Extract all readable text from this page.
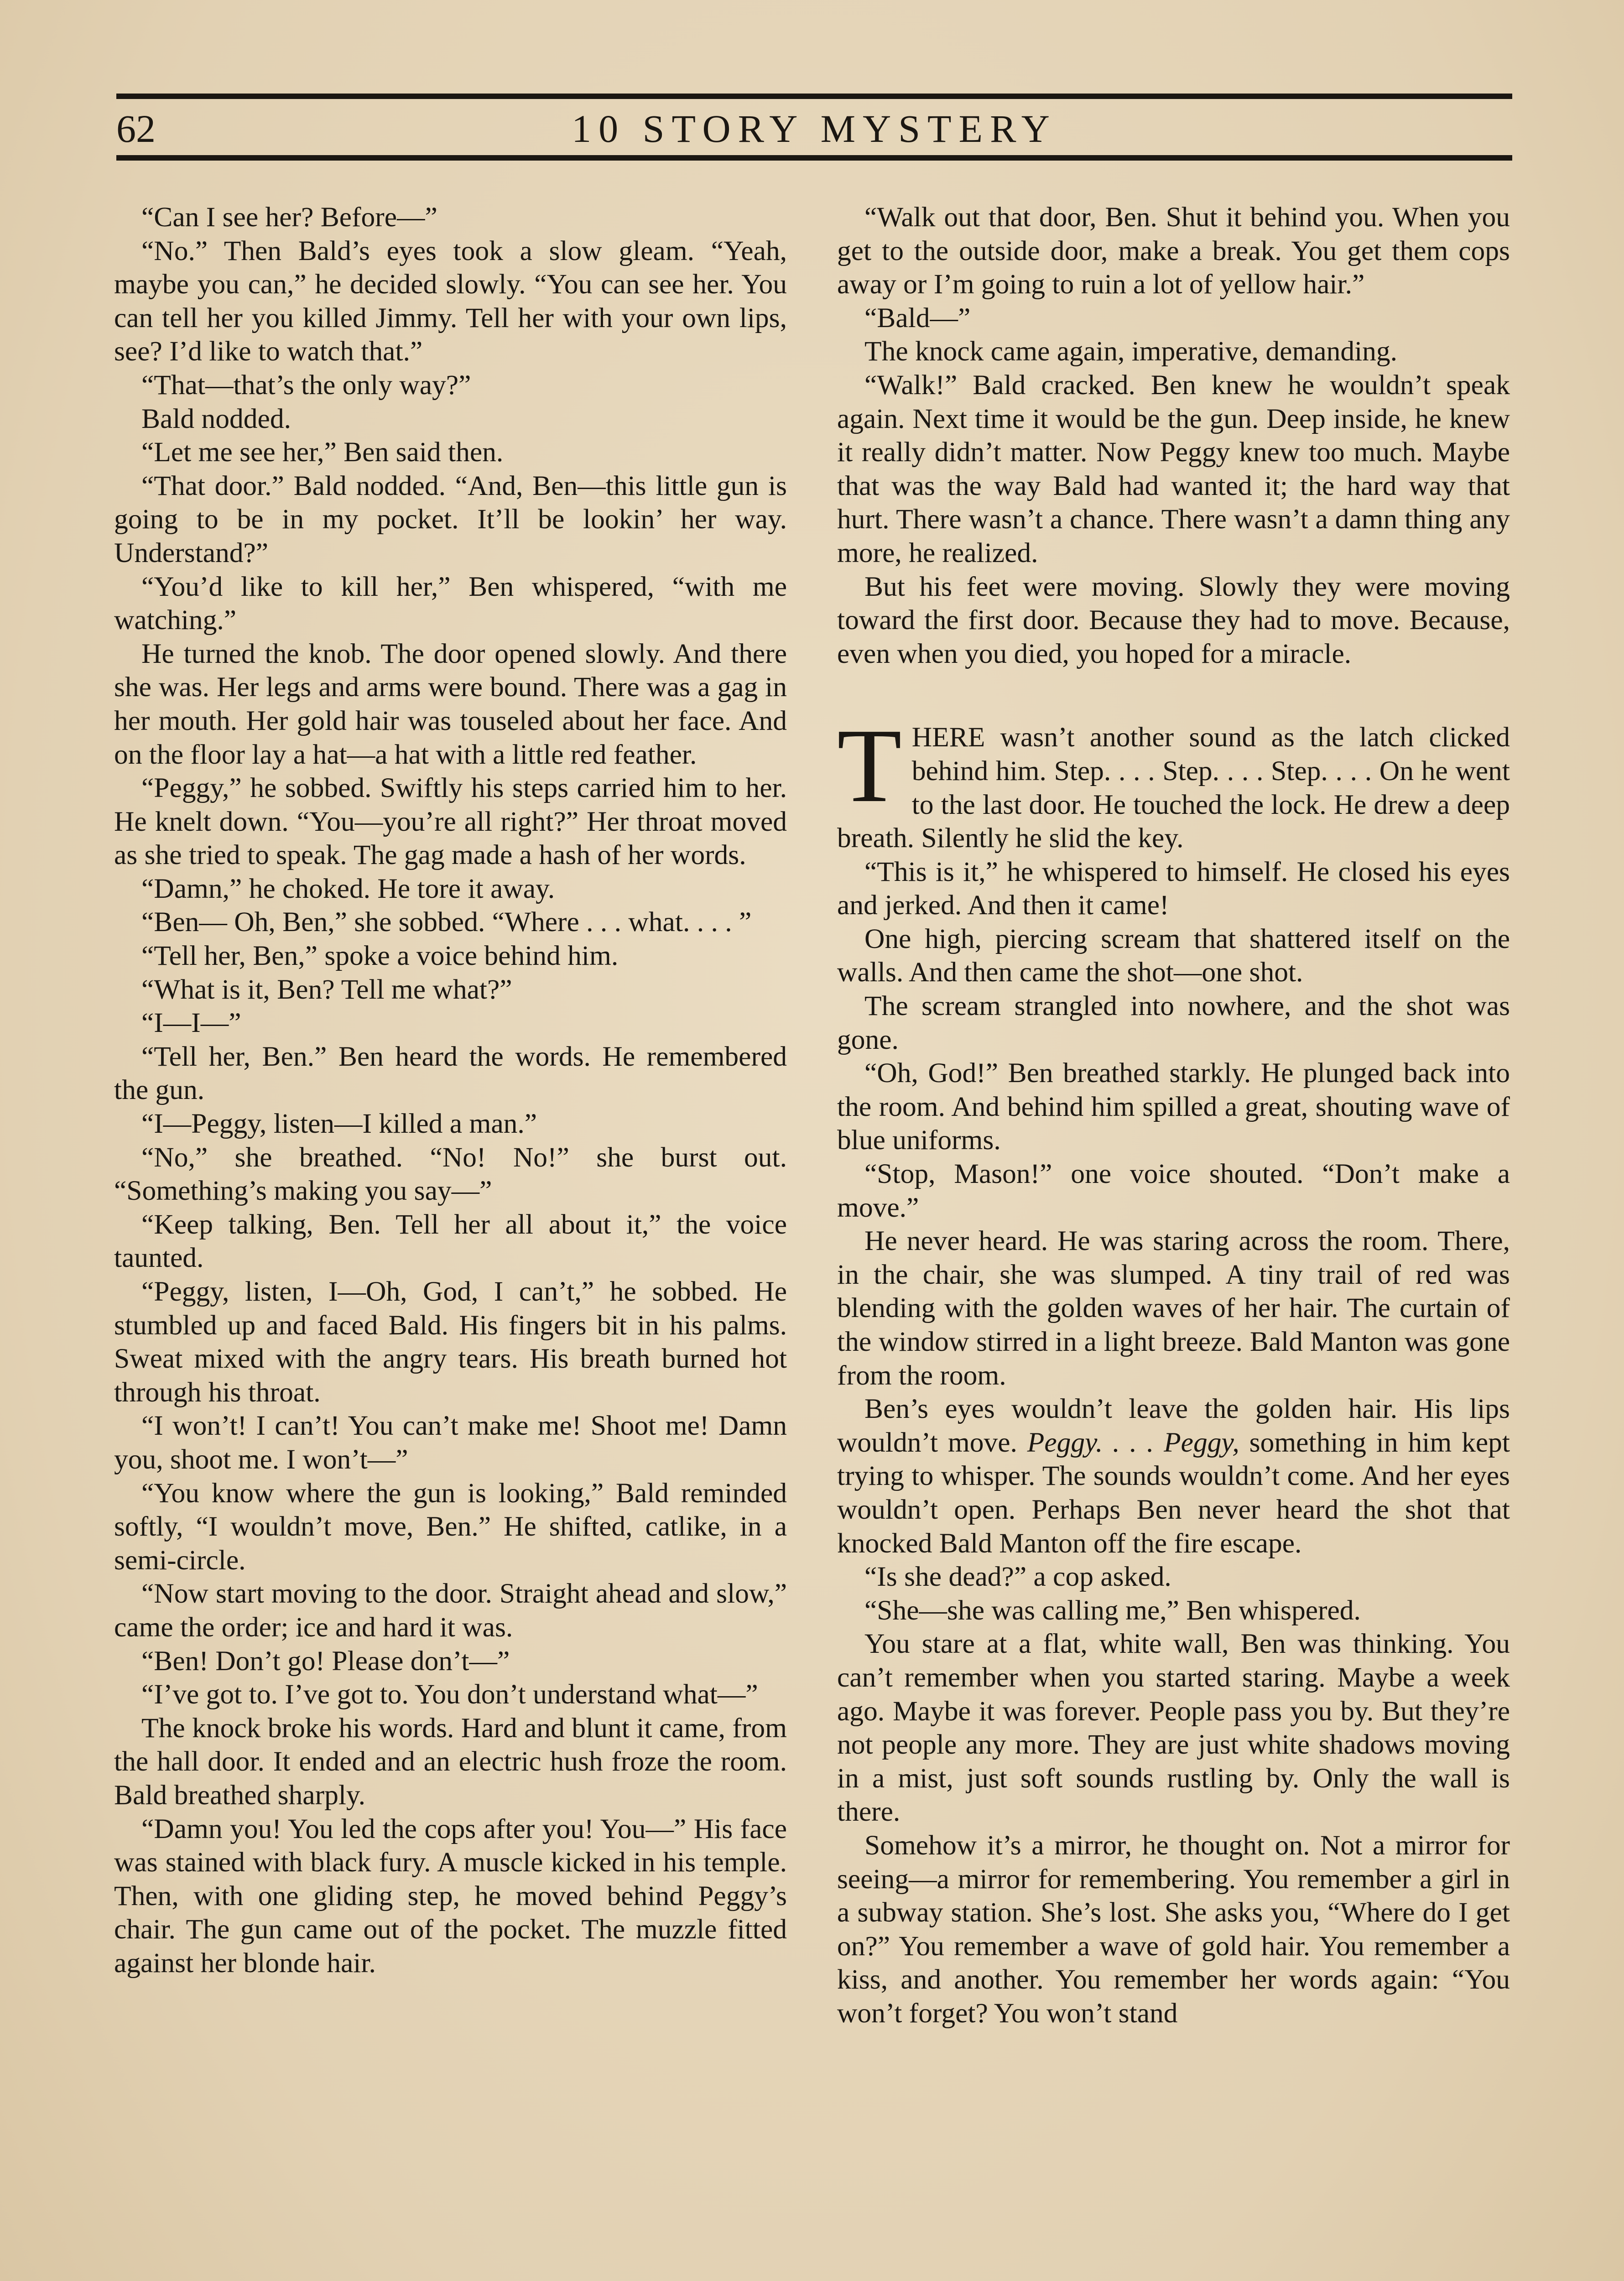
62	10 STORY MYSTERY

“Can I see her? Before—”

“No.” Then Bald’s eyes took a slow gleam. “Yeah, maybe you can,” he decided slowly. “You can see her. You can tell her you killed Jimmy. Tell her with your own lips, see? I’d like to watch that.”

“That—that’s the only way?”

Bald nodded.

“Let me see her,” Ben said then.

“That door.” Bald nodded. “And, Ben—this little gun is going to be in my pocket. It’ll be lookin’ her way. Understand?”

“You’d like to kill her,” Ben whispered, “with me watching.”

He turned the knob. The door opened slowly. And there she was. Her legs and arms were bound. There was a gag in her mouth. Her gold hair was touseled about her face. And on the floor lay a hat—a hat with a little red feather.

“Peggy,” he sobbed. Swiftly his steps carried him to her. He knelt down. “You—you’re all right?” Her throat moved as she tried to speak. The gag made a hash of her words.

“Damn,” he choked. He tore it away.

“Ben— Oh, Ben,” she sobbed. “Where . . . what. . . . ”

“Tell her, Ben,” spoke a voice behind him.

“What is it, Ben? Tell me what?”

“I—I—”

“Tell her, Ben.” Ben heard the words. He remembered the gun.

“I—Peggy, listen—I killed a man.”

“No,” she breathed. “No! No!” she burst out. “Something’s making you say—”

“Keep talking, Ben. Tell her all about it,” the voice taunted.

“Peggy, listen, I—Oh, God, I can’t,” he sobbed. He stumbled up and faced Bald. His fingers bit in his palms. Sweat mixed with the angry tears. His breath burned hot through his throat.

“I won’t! I can’t! You can’t make me! Shoot me! Damn you, shoot me. I won’t—”

“You know where the gun is looking,” Bald reminded softly, “I wouldn’t move, Ben.” He shifted, catlike, in a semi-circle.

“Now start moving to the door. Straight ahead and slow,” came the order; ice and hard it was.

“Ben! Don’t go! Please don’t—”

“I’ve got to. I’ve got to. You don’t understand what—”

The knock broke his words. Hard and blunt it came, from the hall door. It ended and an electric hush froze the room. Bald breathed sharply.

“Damn you! You led the cops after you! You—” His face was stained with black fury. A muscle kicked in his temple. Then, with one gliding step, he moved behind Peggy’s chair. The gun came out of the pocket. The muzzle fitted against her blonde hair.

“Walk out that door, Ben. Shut it behind you. When you get to the outside door, make a break. You get them cops away or I’m going to ruin a lot of yellow hair.”

“Bald—”

The knock came again, imperative, demanding.

“Walk!” Bald cracked. Ben knew he wouldn’t speak again. Next time it would be the gun. Deep inside, he knew it really didn’t matter. Now Peggy knew too much. Maybe that was the way Bald had wanted it; the hard way that hurt. There wasn’t a chance. There wasn’t a damn thing any more, he realized.

But his feet were moving. Slowly they were moving toward the first door. Because they had to move. Because, even when you died, you hoped for a miracle.

THERE wasn’t another sound as the latch clicked behind him. Step. . . . Step. . . . Step. . . . On he went to the last door. He touched the lock. He drew a deep breath. Silently he slid the key.

“This is it,” he whispered to himself. He closed his eyes and jerked. And then it came!

One high, piercing scream that shattered itself on the walls. And then came the shot—one shot.

The scream strangled into nowhere, and the shot was gone.

“Oh, God!” Ben breathed starkly. He plunged back into the room. And behind him spilled a great, shouting wave of blue uniforms.

“Stop, Mason!” one voice shouted. “Don’t make a move.”

He never heard. He was staring across the room. There, in the chair, she was slumped. A tiny trail of red was blending with the golden waves of her hair. The curtain of the window stirred in a light breeze. Bald Manton was gone from the room.

Ben’s eyes wouldn’t leave the golden hair. His lips wouldn’t move. Peggy. . . . Peggy, something in him kept trying to whisper. The sounds wouldn’t come. And her eyes wouldn’t open. Perhaps Ben never heard the shot that knocked Bald Manton off the fire escape.

“Is she dead?” a cop asked.

“She—she was calling me,” Ben whispered.

You stare at a flat, white wall, Ben was thinking. You can’t remember when you started staring. Maybe a week ago. Maybe it was forever. People pass you by. But they’re not people any more. They are just white shadows moving in a mist, just soft sounds rustling by. Only the wall is there.

Somehow it’s a mirror, he thought on. Not a mirror for seeing—a mirror for remembering. You remember a girl in a subway station. She’s lost. She asks you, “Where do I get on?” You remember a wave of gold hair. You remember a kiss, and another. You remember her words again: “You won’t forget? You won’t stand
